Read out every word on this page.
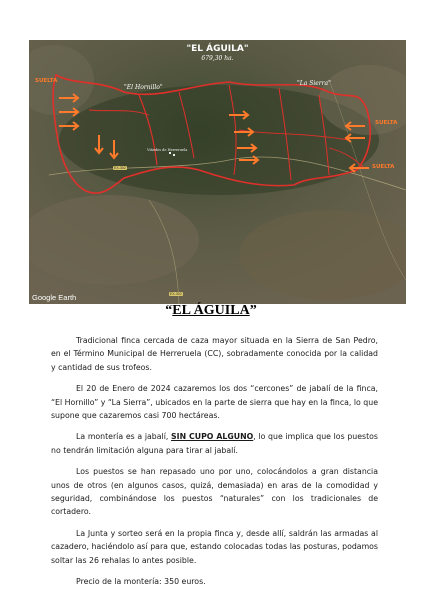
"EL ÁGUILA"
679,30 ha.
"El Hornillo"
"La Sierra"
Viñedos de Herreruela
SUELTA
SUELTA
SUELTA
EX-302
EX-302
Google Earth
“EL ÁGUILA”

Tradicional finca cercada de caza mayor situada en la Sierra de San Pedro, en el Término Municipal de Herreruela (CC), sobradamente conocida por la calidad y cantidad de sus trofeos.

El 20 de Enero de 2024 cazaremos los dos “cercones” de jabalí de la finca, “El Hornillo” y “La Sierra”, ubicados en la parte de sierra que hay en la finca, lo que supone que cazaremos casi 700 hectáreas.

La montería es a jabalí, SIN CUPO ALGUNO, lo que implica que los puestos no tendrán limitación alguna para tirar al jabalí.

Los puestos se han repasado uno por uno, colocándolos a gran distancia unos de otros (en algunos casos, quizá, demasiada) en aras de la comodidad y seguridad, combinándose los puestos “naturales” con los tradicionales de cortadero.

La Junta y sorteo será en la propia finca y, desde allí, saldrán las armadas al cazadero, haciéndolo así para que, estando colocadas todas las posturas, podamos soltar las 26 rehalas lo antes posible.

Precio de la montería: 350 euros.
